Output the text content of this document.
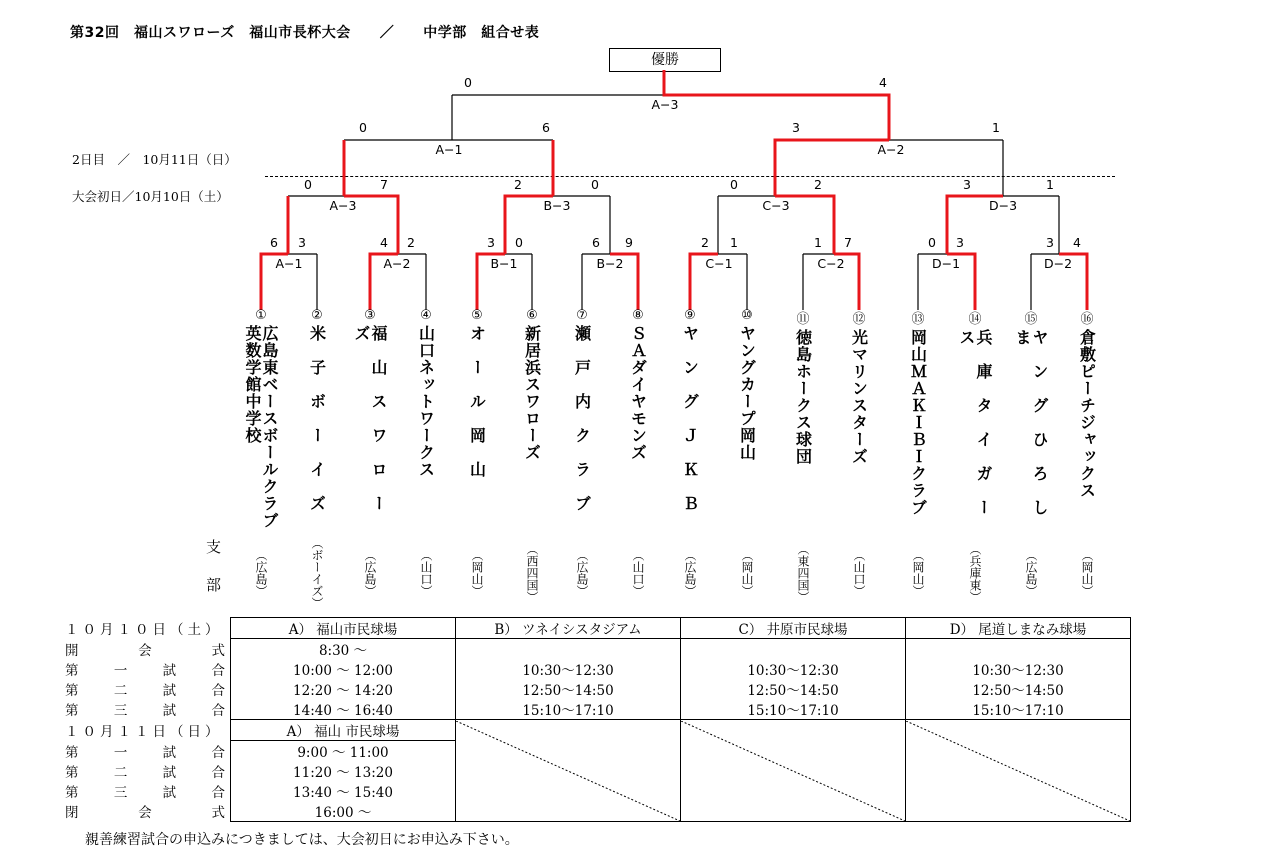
第32回　福山スワローズ　福山市長杯大会　　／　　中学部　組合せ表
優勝
2日目　／　10月11日（日）
大会初日／10月10日（土）
0	4
A−3
0	6
A−1
3	1
A−2
0	7
A−3
2	0
B−3
0	2
C−3
3	1
D−3
6	3
A−1
4	2
A−2
3	0
B−1
6	9
B−2
2	1
C−1
1	7
C−2
0	3
D−1
3	4
D−2
①
広島東ベースボールクラブ英数学館中学校
（広島）
②
米　子　ボ　ー　イ　ズ
（ボーイズ）
③
福　山　ス　ワ　ロ　ー　ズ
（広島）
④
山口ネットワークス
（山口）
⑤
オ　ー　ル　岡　山
（岡山）
⑥
新居浜スワローズ
（西四国）
⑦
瀬　戸　内　ク　ラ　ブ
（広島）
⑧
ＳＡダイヤモンズ
（山口）
⑨
ヤ　ン　グ　Ｊ　Ｋ　Ｂ
（広島）
⑩
ヤングカープ岡山
（岡山）
⑪
徳島ホークス球団
（東四国）
⑫
光マリンスターズ
（山口）
⑬
岡山ＭＡＫＩＢＩクラブ
（岡山）
⑭
兵　庫　タ　イ　ガ　ー　ス
（兵庫東）
⑮
ヤ　ン　グ　ひ　ろ　し　ま
（広島）
⑯
倉敷ピーチジャックス
（岡山）
支
部
１０月１０日（土）	A） 福山市民球場	B） ツネイシスタジアム	C） 井原市民球場	D） 尾道しまなみ球場

開 会 式	8:30 ～			

第 一 試 合	10:00 ～ 12:00	10:30〜12:30	10:30〜12:30	10:30〜12:30

第 二 試 合	12:20 ～ 14:20	12:50〜14:50	12:50〜14:50	12:50〜14:50

第 三 試 合	14:40 ～ 16:40	15:10〜17:10	15:10〜17:10	15:10〜17:10
１０月１１日（日）	A） 福山 市民球場	

第 一 試 合	9:00 ～ 11:00			

第 二 試 合	11:20 ～ 13:20			

第 三 試 合	13:40 ～ 15:40			

閉 会 式	16:00 ～			
親善練習試合の申込みにつきましては、大会初日にお申込み下さい。
